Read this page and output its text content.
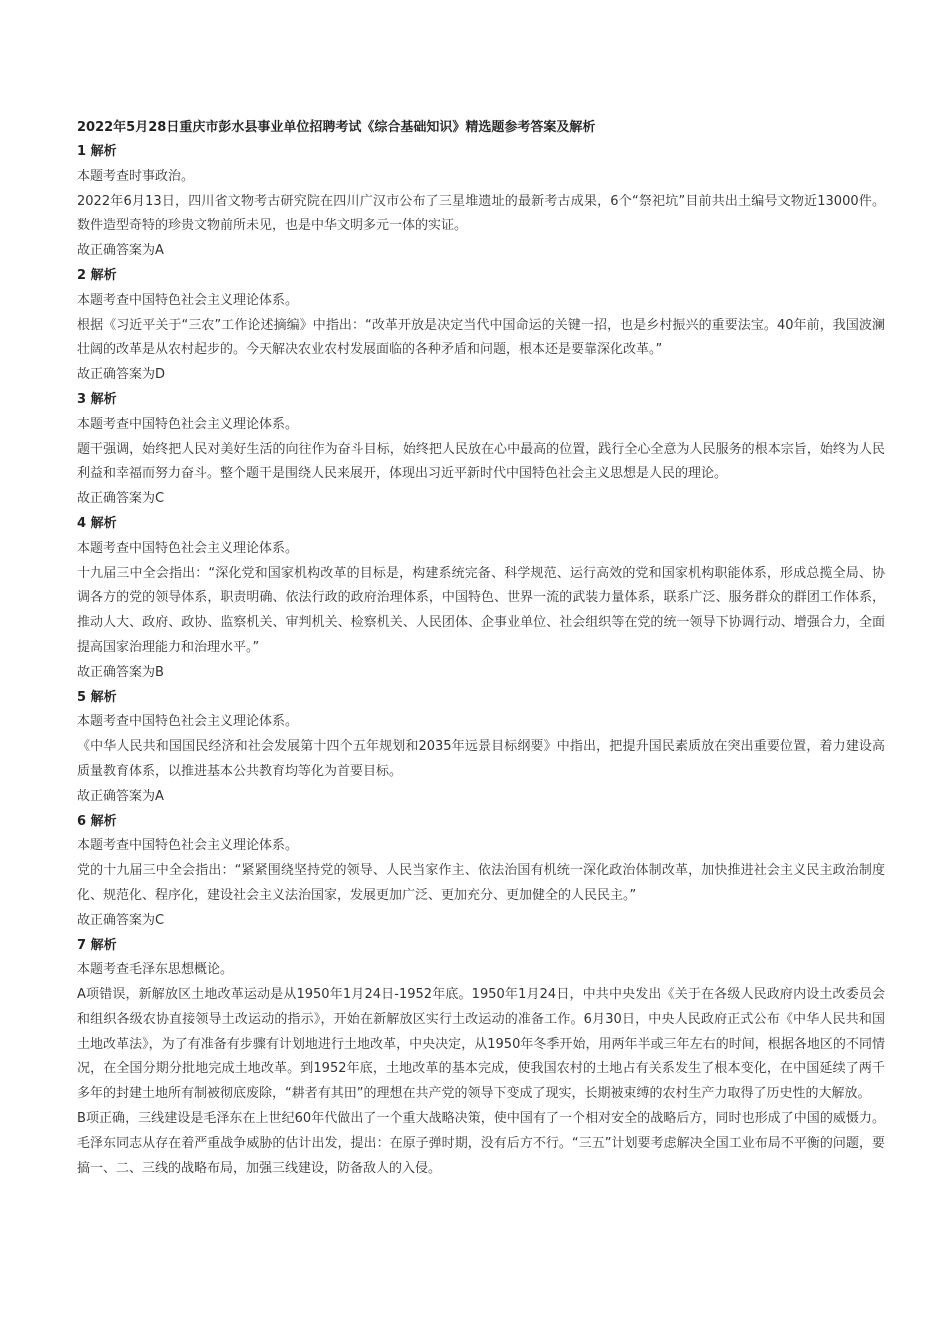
2022年5月28日重庆市彭水县事业单位招聘考试《综合基础知识》精选题参考答案及解析

1 解析

本题考查时事政治。

2022年6月13日，四川省文物考古研究院在四川广汉市公布了三星堆遗址的最新考古成果，6个“祭祀坑”目前共出土编号文物近13000件。数件造型奇特的珍贵文物前所未见，也是中华文明多元一体的实证。

故正确答案为A

2 解析

本题考查中国特色社会主义理论体系。

根据《习近平关于“三农”工作论述摘编》中指出：“改革开放是决定当代中国命运的关键一招，也是乡村振兴的重要法宝。40年前，我国波澜壮阔的改革是从农村起步的。今天解决农业农村发展面临的各种矛盾和问题，根本还是要靠深化改革。”

故正确答案为D

3 解析

本题考查中国特色社会主义理论体系。

题干强调，始终把人民对美好生活的向往作为奋斗目标，始终把人民放在心中最高的位置，践行全心全意为人民服务的根本宗旨，始终为人民利益和幸福而努力奋斗。整个题干是围绕人民来展开，体现出习近平新时代中国特色社会主义思想是人民的理论。

故正确答案为C

4 解析

本题考查中国特色社会主义理论体系。

十九届三中全会指出：“深化党和国家机构改革的目标是，构建系统完备、科学规范、运行高效的党和国家机构职能体系，形成总揽全局、协调各方的党的领导体系，职责明确、依法行政的政府治理体系，中国特色、世界一流的武装力量体系，联系广泛、服务群众的群团工作体系，推动人大、政府、政协、监察机关、审判机关、检察机关、人民团体、企事业单位、社会组织等在党的统一领导下协调行动、增强合力，全面提高国家治理能力和治理水平。”

故正确答案为B

5 解析

本题考查中国特色社会主义理论体系。

《中华人民共和国国民经济和社会发展第十四个五年规划和2035年远景目标纲要》中指出，把提升国民素质放在突出重要位置，着力建设高质量教育体系，以推进基本公共教育均等化为首要目标。

故正确答案为A

6 解析

本题考查中国特色社会主义理论体系。

党的十九届三中全会指出：“紧紧围绕坚持党的领导、人民当家作主、依法治国有机统一深化政治体制改革，加快推进社会主义民主政治制度化、规范化、程序化，建设社会主义法治国家，发展更加广泛、更加充分、更加健全的人民民主。”

故正确答案为C

7 解析

本题考查毛泽东思想概论。

A项错误，新解放区土地改革运动是从1950年1月24日-1952年底。1950年1月24日，中共中央发出《关于在各级人民政府内设土改委员会和组织各级农协直接领导土改运动的指示》，开始在新解放区实行土改运动的准备工作。6月30日，中央人民政府正式公布《中华人民共和国土地改革法》，为了有准备有步骤有计划地进行土地改革，中央决定，从1950年冬季开始，用两年半或三年左右的时间，根据各地区的不同情况，在全国分期分批地完成土地改革。到1952年底，土地改革的基本完成，使我国农村的土地占有关系发生了根本变化，在中国延续了两千多年的封建土地所有制被彻底废除，“耕者有其田”的理想在共产党的领导下变成了现实，长期被束缚的农村生产力取得了历史性的大解放。

B项正确，三线建设是毛泽东在上世纪60年代做出了一个重大战略决策，使中国有了一个相对安全的战略后方，同时也形成了中国的威慑力。毛泽东同志从存在着严重战争威胁的估计出发，提出：在原子弹时期，没有后方不行。“三五”计划要考虑解决全国工业布局不平衡的问题，要搞一、二、三线的战略布局，加强三线建设，防备敌人的入侵。
